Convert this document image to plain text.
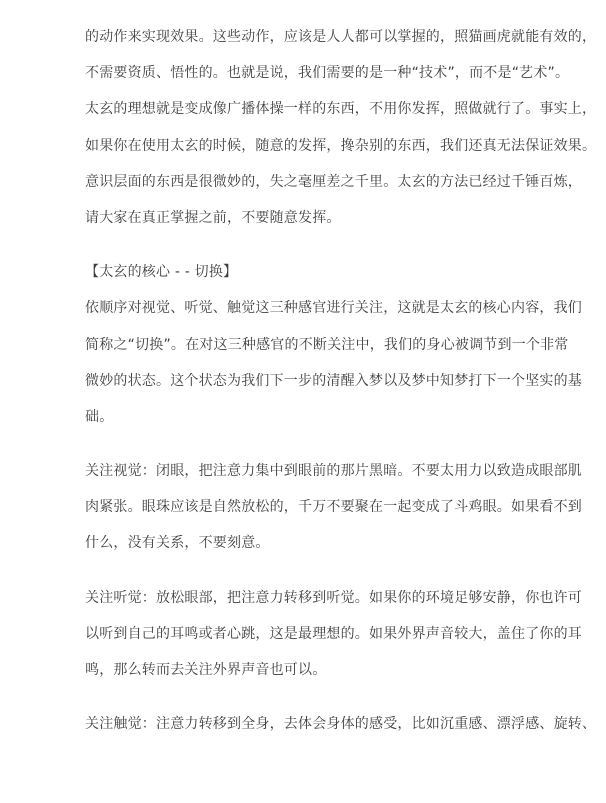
的动作来实现效果。这些动作，应该是人人都可以掌握的，照猫画虎就能有效的，
不需要资质、悟性的。也就是说，我们需要的是一种“技术”，而不是“艺术”。
太玄的理想就是变成像广播体操一样的东西，不用你发挥，照做就行了。事实上，
如果你在使用太玄的时候，随意的发挥，搀杂别的东西，我们还真无法保证效果。
意识层面的东西是很微妙的，失之毫厘差之千里。太玄的方法已经过千锤百炼，
请大家在真正掌握之前，不要随意发挥。
【太玄的核心 - - 切换】
依顺序对视觉、听觉、触觉这三种感官进行关注，这就是太玄的核心内容，我们
简称之“切换”。在对这三种感官的不断关注中，我们的身心被调节到一个非常
微妙的状态。这个状态为我们下一步的清醒入梦以及梦中知梦打下一个坚实的基
础。
关注视觉：闭眼，把注意力集中到眼前的那片黑暗。不要太用力以致造成眼部肌
肉紧张。眼珠应该是自然放松的，千万不要聚在一起变成了斗鸡眼。如果看不到
什么，没有关系，不要刻意。
关注听觉：放松眼部，把注意力转移到听觉。如果你的环境足够安静，你也许可
以听到自己的耳鸣或者心跳，这是最理想的。如果外界声音较大，盖住了你的耳
鸣，那么转而去关注外界声音也可以。
关注触觉：注意力转移到全身，去体会身体的感受，比如沉重感、漂浮感、旋转、
